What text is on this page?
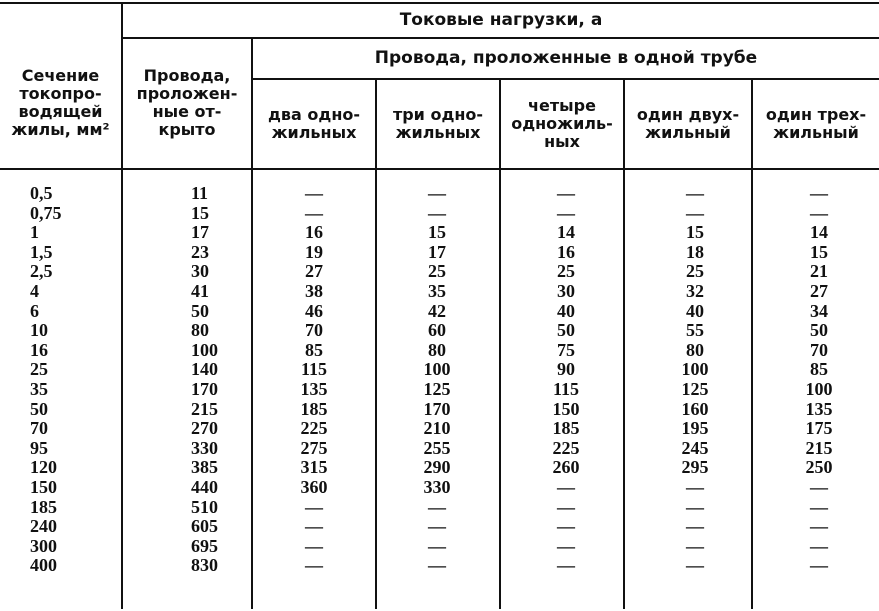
Сечение
токопро-
водящей
жилы, мм²
Токовые нагрузки, а
Провода,
проложен-
ные от-
крыто
Провода, проложенные в одной трубе
два одно-
жильных
три одно-
жильных
четыре
одножиль-
ных
один двух-
жильный
один трех-
жильный
0,5
0,75
1
1,5
2,5
4
6
10
16
25
35
50
70
95
120
150
185
240
300
400
11
15
17
23
30
41
50
80
100
140
170
215
270
330
385
440
510
605
695
830
—
—
16
19
27
38
46
70
85
115
135
185
225
275
315
360
—
—
—
—
—
—
15
17
25
35
42
60
80
100
125
170
210
255
290
330
—
—
—
—
—
—
14
16
25
30
40
50
75
90
115
150
185
225
260
—
—
—
—
—
—
—
15
18
25
32
40
55
80
100
125
160
195
245
295
—
—
—
—
—
—
—
14
15
21
27
34
50
70
85
100
135
175
215
250
—
—
—
—
—
